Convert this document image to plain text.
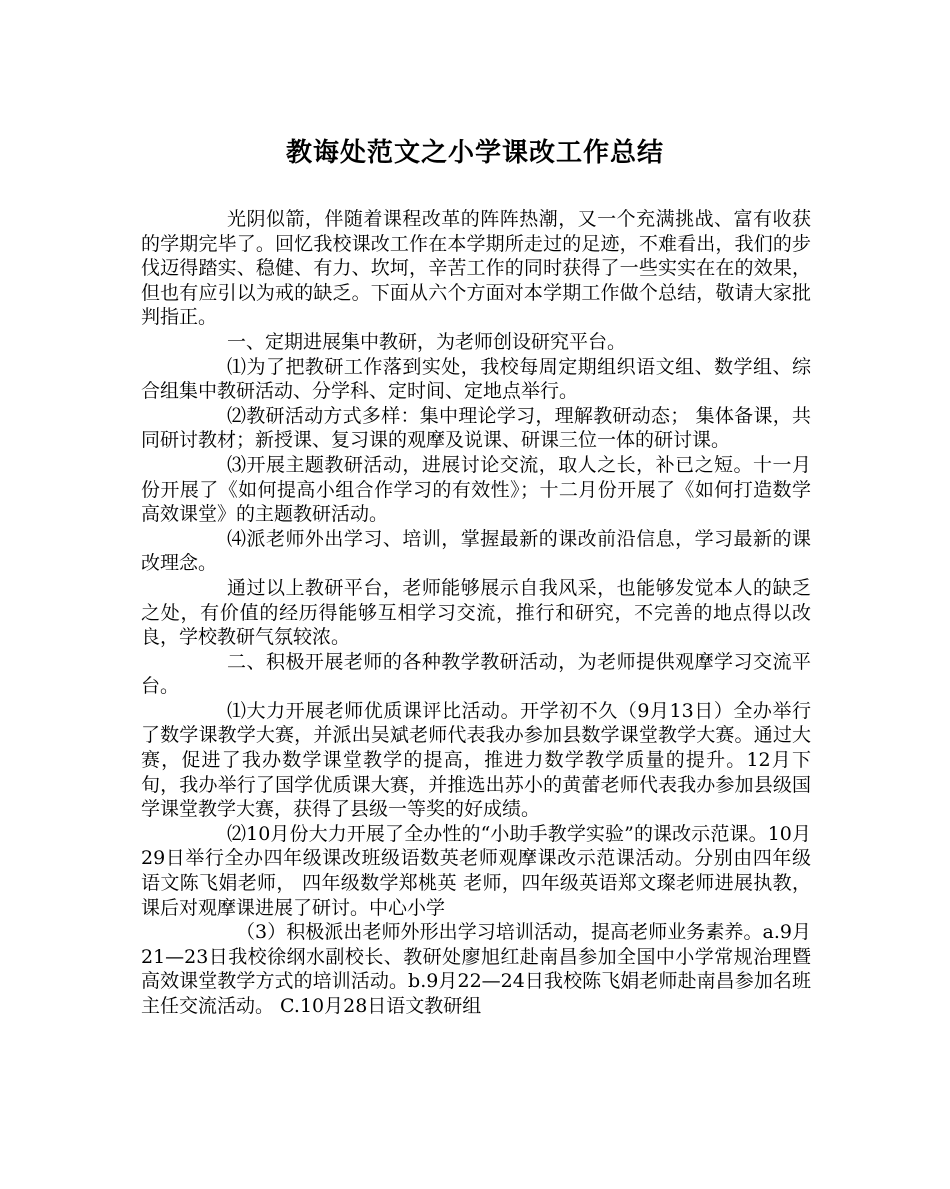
教诲处范文之小学课改工作总结

光阴似箭，伴随着课程改革的阵阵热潮，又一个充满挑战、富有收获的学期完毕了。回忆我校课改工作在本学期所走过的足迹，不难看出，我们的步伐迈得踏实、稳健、有力、坎坷，辛苦工作的同时获得了一些实实在在的效果，但也有应引以为戒的缺乏。下面从六个方面对本学期工作做个总结，敬请大家批判指正。

一、定期进展集中教研，为老师创设研究平台。

⑴为了把教研工作落到实处，我校每周定期组织语文组、数学组、综合组集中教研活动、分学科、定时间、定地点举行。

⑵教研活动方式多样：集中理论学习，理解教研动态； 集体备课，共同研讨教材；新授课、复习课的观摩及说课、研课三位一体的研讨课。

⑶开展主题教研活动，进展讨论交流，取人之长，补已之短。十一月份开展了《如何提高小组合作学习的有效性》；十二月份开展了《如何打造数学高效课堂》的主题教研活动。

⑷派老师外出学习、培训，掌握最新的课改前沿信息，学习最新的课改理念。

通过以上教研平台，老师能够展示自我风采，也能够发觉本人的缺乏之处，有价值的经历得能够互相学习交流，推行和研究，不完善的地点得以改良，学校教研气氛较浓。

二、积极开展老师的各种教学教研活动，为老师提供观摩学习交流平台。

⑴大力开展老师优质课评比活动。开学初不久（9月13日）全办举行了数学课教学大赛，并派出吴斌老师代表我办参加县数学课堂教学大赛。通过大赛，促进了我办数学课堂教学的提高，推进力数学教学质量的提升。12月下旬，我办举行了国学优质课大赛，并推选出苏小的黄蕾老师代表我办参加县级国学课堂教学大赛，获得了县级一等奖的好成绩。

⑵10月份大力开展了全办性的“小助手教学实验”的课改示范课。10月29日举行全办四年级课改班级语数英老师观摩课改示范课活动。分别由四年级语文陈飞娟老师， 四年级数学郑桃英 老师，四年级英语郑文璨老师进展执教，课后对观摩课进展了研讨。中心小学

（3）积极派出老师外形出学习培训活动，提高老师业务素养。a.9月21—23日我校徐纲水副校长、教研处廖旭红赴南昌参加全国中小学常规治理暨高效课堂教学方式的培训活动。b.9月22—24日我校陈飞娟老师赴南昌参加名班主任交流活动。 C.10月28日语文教研组
